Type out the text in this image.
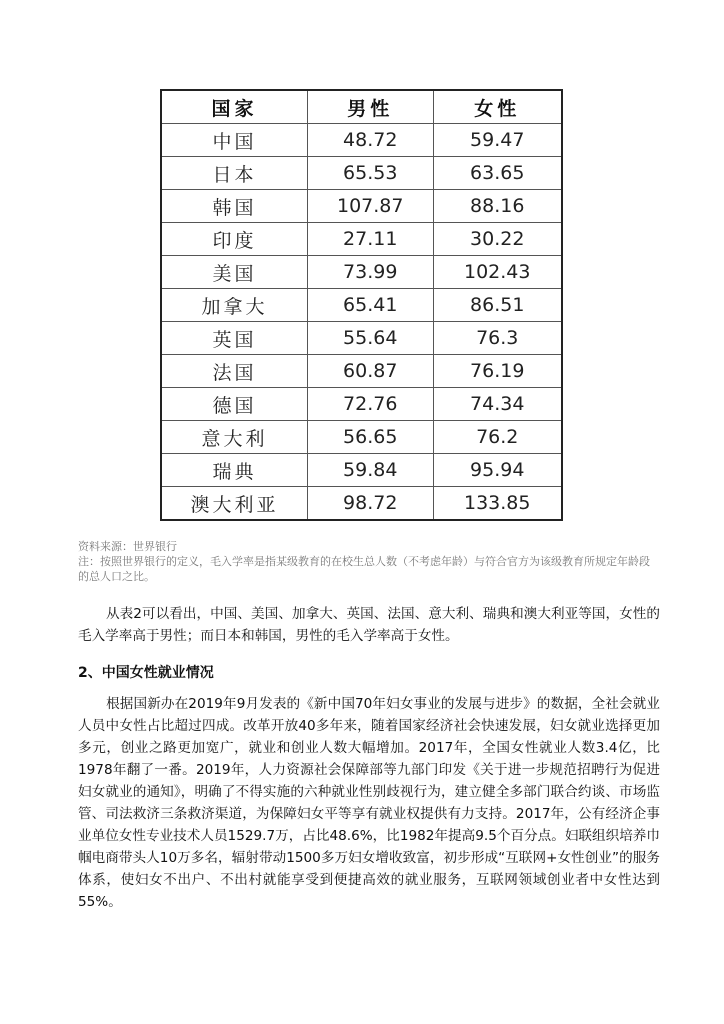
国家	男性	女性
中国	48.72	59.47
日本	65.53	63.65
韩国	107.87	88.16
印度	27.11	30.22
美国	73.99	102.43
加拿大	65.41	86.51
英国	55.64	76.3
法国	60.87	76.19
德国	72.76	74.34
意大利	56.65	76.2
瑞典	59.84	95.94
澳大利亚	98.72	133.85
资料来源：世界银行
注：按照世界银行的定义，毛入学率是指某级教育的在校生总人数（不考虑年龄）与符合官方为该级教育所规定年龄段的总人口之比。
从表2可以看出，中国、美国、加拿大、英国、法国、意大利、瑞典和澳大利亚等国，女性的毛入学率高于男性；而日本和韩国，男性的毛入学率高于女性。
2、中国女性就业情况
根据国新办在2019年9月发表的《新中国70年妇女事业的发展与进步》的数据，全社会就业人员中女性占比超过四成。改革开放40多年来，随着国家经济社会快速发展，妇女就业选择更加多元，创业之路更加宽广，就业和创业人数大幅增加。2017年，全国女性就业人数3.4亿，比1978年翻了一番。2019年，人力资源社会保障部等九部门印发《关于进一步规范招聘行为促进妇女就业的通知》，明确了不得实施的六种就业性别歧视行为，建立健全多部门联合约谈、市场监管、司法救济三条救济渠道，为保障妇女平等享有就业权提供有力支持。2017年，公有经济企事业单位女性专业技术人员1529.7万，占比48.6%，比1982年提高9.5个百分点。妇联组织培养巾帼电商带头人10万多名，辐射带动1500多万妇女增收致富，初步形成“互联网+女性创业”的服务体系，使妇女不出户、不出村就能享受到便捷高效的就业服务，互联网领域创业者中女性达到55%。
